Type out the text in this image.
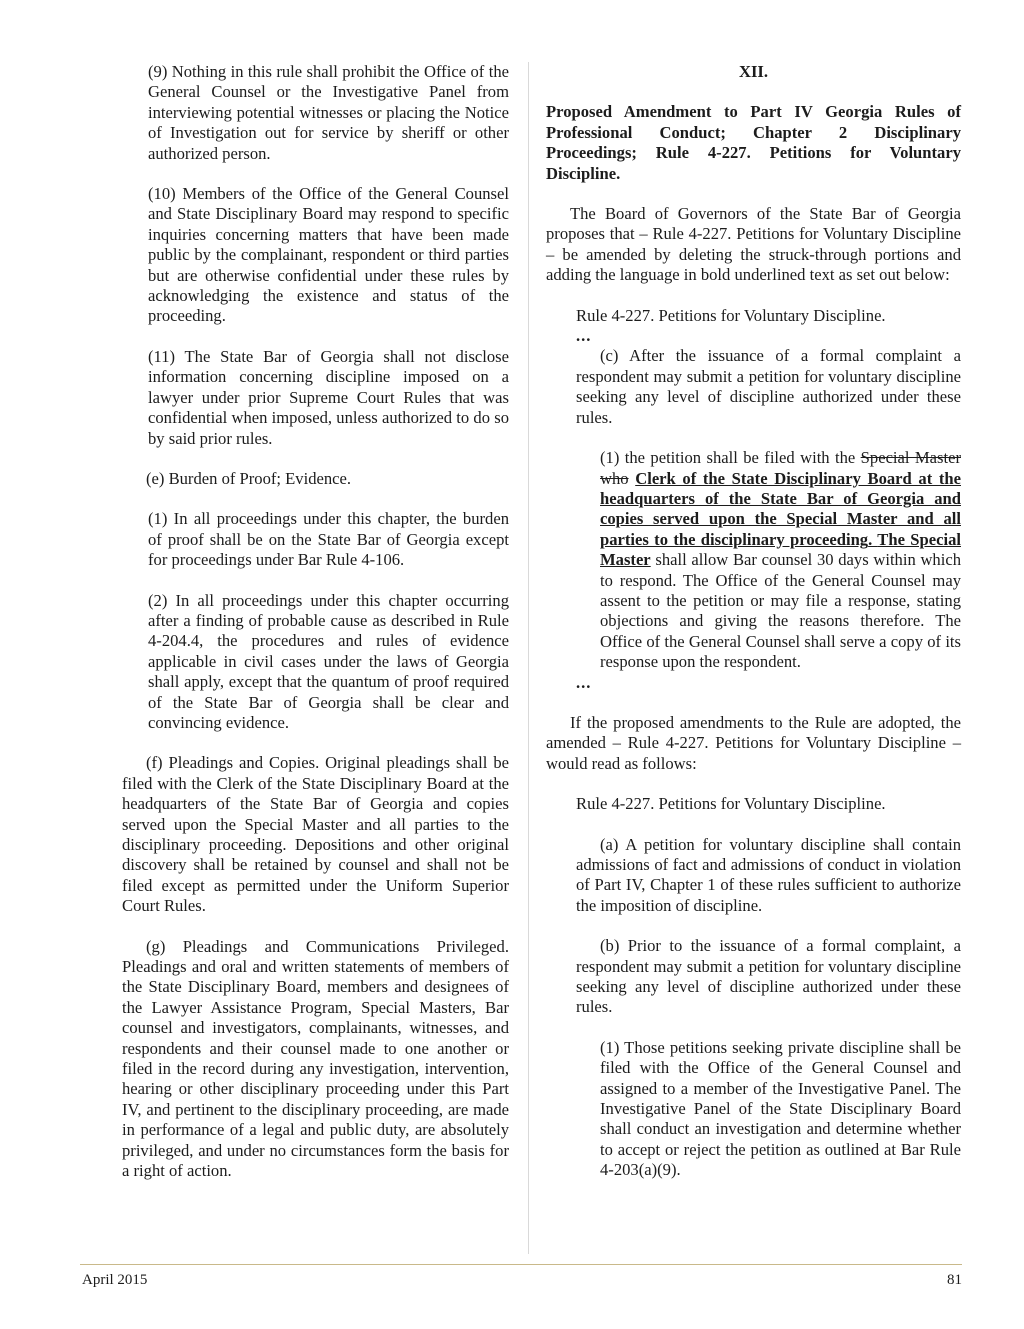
(9) Nothing in this rule shall prohibit the Office of the General Counsel or the Investigative Panel from interviewing potential witnesses or placing the Notice of Investigation out for service by sheriff or other authorized person.

(10) Members of the Office of the General Counsel and State Disciplinary Board may respond to specific inquiries concerning matters that have been made public by the complainant, respondent or third parties but are otherwise confidential under these rules by acknowledging the existence and status of the proceeding.

(11) The State Bar of Georgia shall not disclose information concerning discipline imposed on a lawyer under prior Supreme Court Rules that was confidential when imposed, unless authorized to do so by said prior rules.

(e) Burden of Proof; Evidence.

(1) In all proceedings under this chapter, the burden of proof shall be on the State Bar of Georgia except for proceedings under Bar Rule 4-106.

(2) In all proceedings under this chapter occurring after a finding of probable cause as described in Rule 4-204.4, the procedures and rules of evidence applicable in civil cases under the laws of Georgia shall apply, except that the quantum of proof required of the State Bar of Georgia shall be clear and convincing evidence.

(f) Pleadings and Copies. Original pleadings shall be filed with the Clerk of the State Disciplinary Board at the headquarters of the State Bar of Georgia and copies served upon the Special Master and all parties to the disciplinary proceeding. Depositions and other original discovery shall be retained by counsel and shall not be filed except as permitted under the Uniform Superior Court Rules.

(g) Pleadings and Communications Privileged. Pleadings and oral and written statements of members of the State Disciplinary Board, members and designees of the Lawyer Assistance Program, Special Masters, Bar counsel and investigators, complainants, witnesses, and respondents and their counsel made to one another or filed in the record during any investigation, intervention, hearing or other disciplinary proceeding under this Part IV, and pertinent to the disciplinary proceeding, are made in performance of a legal and public duty, are absolutely privileged, and under no circumstances form the basis for a right of action.

XII.

Proposed Amendment to Part IV Georgia Rules of Professional Conduct; Chapter 2 Disciplinary Proceedings; Rule 4-227. Petitions for Voluntary Discipline.

The Board of Governors of the State Bar of Georgia proposes that – Rule 4-227. Petitions for Voluntary Discipline – be amended by deleting the struck-through portions and adding the language in bold underlined text as set out below:

Rule 4-227. Petitions for Voluntary Discipline.

...

(c) After the issuance of a formal complaint a respondent may submit a petition for voluntary discipline seeking any level of discipline authorized under these rules.

(1) the petition shall be filed with the Special Master who Clerk of the State Disciplinary Board at the headquarters of the State Bar of Georgia and copies served upon the Special Master and all parties to the disciplinary proceeding. The Special Master shall allow Bar counsel 30 days within which to respond. The Office of the General Counsel may assent to the petition or may file a response, stating objections and giving the reasons therefore. The Office of the General Counsel shall serve a copy of its response upon the respondent.

...

If the proposed amendments to the Rule are adopted, the amended – Rule 4-227. Petitions for Voluntary Discipline – would read as follows:

Rule 4-227. Petitions for Voluntary Discipline.

(a) A petition for voluntary discipline shall contain admissions of fact and admissions of conduct in violation of Part IV, Chapter 1 of these rules sufficient to authorize the imposition of discipline.

(b) Prior to the issuance of a formal complaint, a respondent may submit a petition for voluntary discipline seeking any level of discipline authorized under these rules.

(1) Those petitions seeking private discipline shall be filed with the Office of the General Counsel and assigned to a member of the Investigative Panel. The Investigative Panel of the State Disciplinary Board shall conduct an investigation and determine whether to accept or reject the petition as outlined at Bar Rule 4-203(a)(9).

April 2015	81
